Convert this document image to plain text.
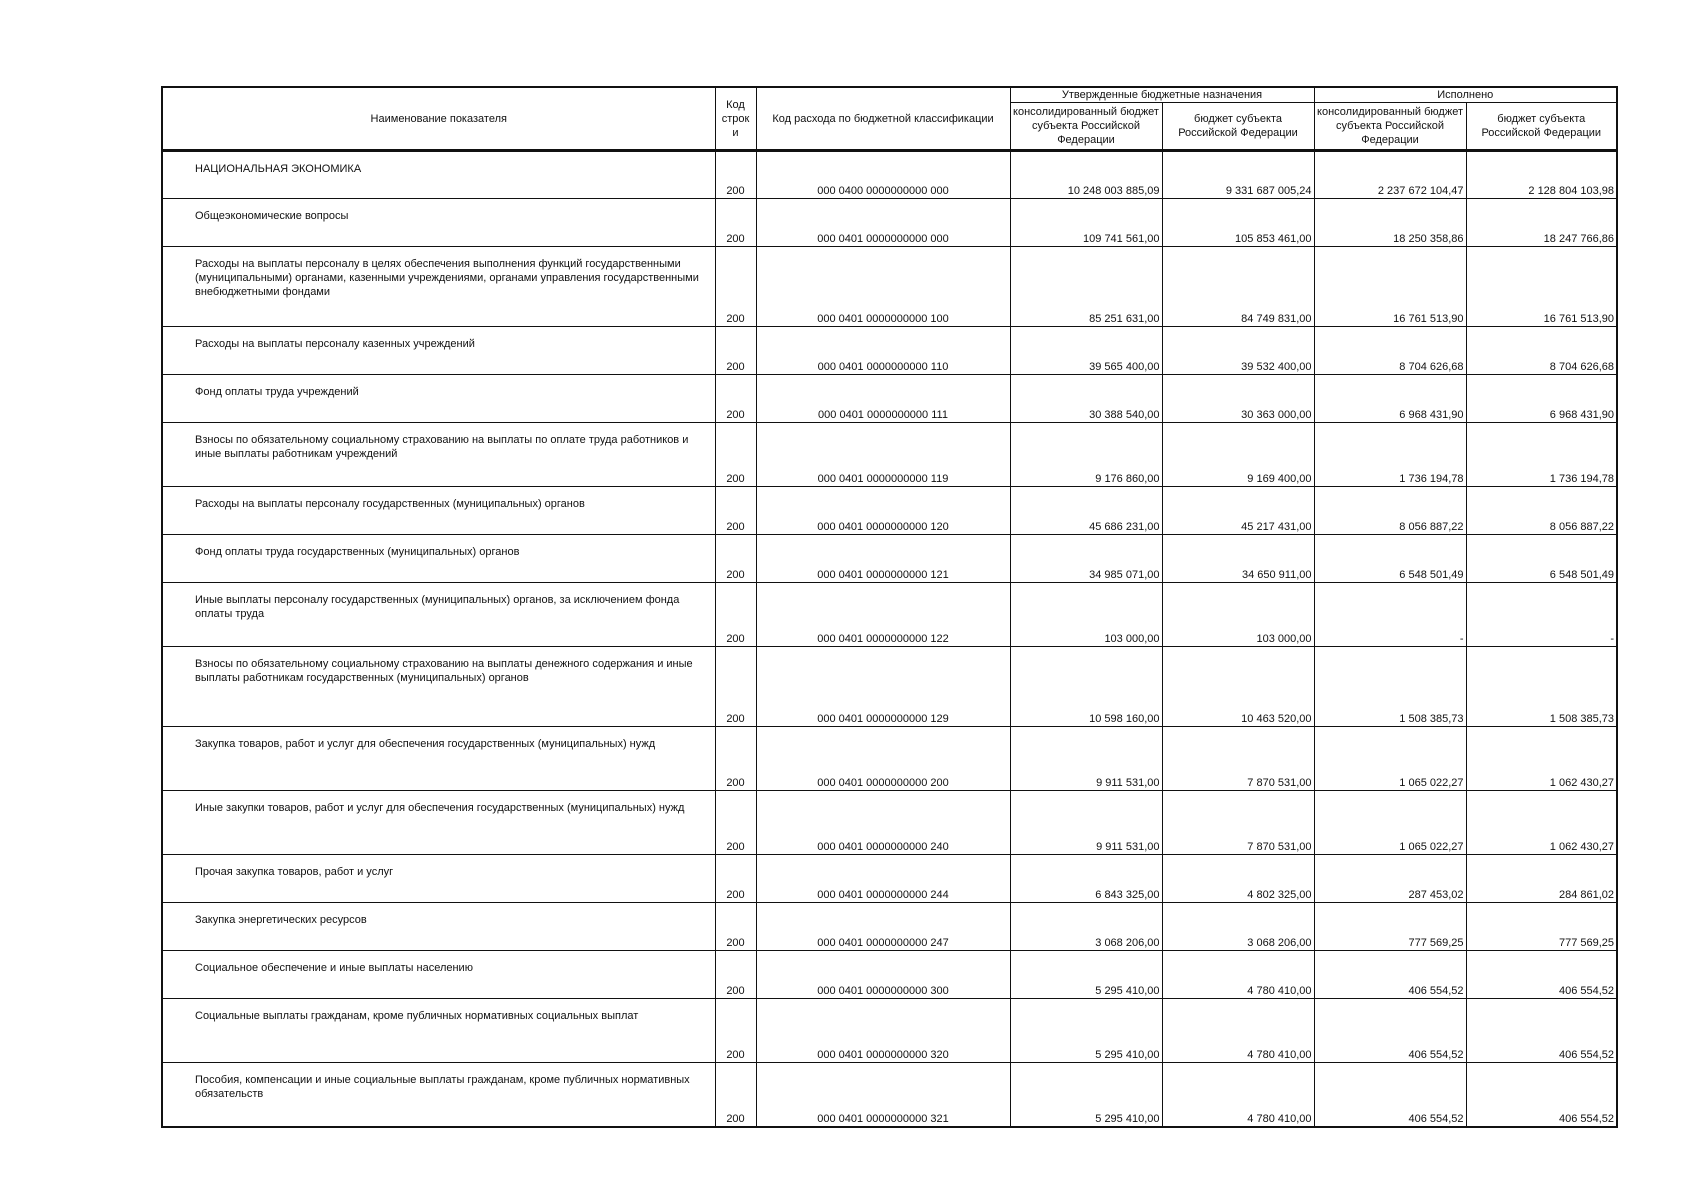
Наименование показателя	Код строк и	Код расхода по бюджетной классификации	Утвержденные бюджетные назначения		Исполнено	
			консолидированный бюджет субъекта Российской Федерации	бюджет субъекта Российской Федерации	консолидированный бюджет субъекта Российской Федерации	бюджет субъекта Российской Федерации
НАЦИОНАЛЬНАЯ ЭКОНОМИКА	200	000 0400 0000000000 000	10 248 003 885,09	9 331 687 005,24	2 237 672 104,47	2 128 804 103,98
Общеэкономические вопросы	200	000 0401 0000000000 000	109 741 561,00	105 853 461,00	18 250 358,86	18 247 766,86
Расходы на выплаты персоналу в целях обеспечения выполнения функций государственными (муниципальными) органами, казенными учреждениями, органами управления государственными внебюджетными фондами	200	000 0401 0000000000 100	85 251 631,00	84 749 831,00	16 761 513,90	16 761 513,90
Расходы на выплаты персоналу казенных учреждений	200	000 0401 0000000000 110	39 565 400,00	39 532 400,00	8 704 626,68	8 704 626,68
Фонд оплаты труда учреждений	200	000 0401 0000000000 111	30 388 540,00	30 363 000,00	6 968 431,90	6 968 431,90
Взносы по обязательному социальному страхованию на выплаты по оплате труда работников и иные выплаты работникам учреждений	200	000 0401 0000000000 119	9 176 860,00	9 169 400,00	1 736 194,78	1 736 194,78
Расходы на выплаты персоналу государственных (муниципальных) органов	200	000 0401 0000000000 120	45 686 231,00	45 217 431,00	8 056 887,22	8 056 887,22
Фонд оплаты труда государственных (муниципальных) органов	200	000 0401 0000000000 121	34 985 071,00	34 650 911,00	6 548 501,49	6 548 501,49
Иные выплаты персоналу государственных (муниципальных) органов, за исключением фонда оплаты труда	200	000 0401 0000000000 122	103 000,00	103 000,00	-	-
Взносы по обязательному социальному страхованию на выплаты денежного содержания и иные выплаты работникам государственных (муниципальных) органов	200	000 0401 0000000000 129	10 598 160,00	10 463 520,00	1 508 385,73	1 508 385,73
Закупка товаров, работ и услуг для обеспечения государственных (муниципальных) нужд	200	000 0401 0000000000 200	9 911 531,00	7 870 531,00	1 065 022,27	1 062 430,27
Иные закупки товаров, работ и услуг для обеспечения государственных (муниципальных) нужд	200	000 0401 0000000000 240	9 911 531,00	7 870 531,00	1 065 022,27	1 062 430,27
Прочая закупка товаров, работ и услуг	200	000 0401 0000000000 244	6 843 325,00	4 802 325,00	287 453,02	284 861,02
Закупка энергетических ресурсов	200	000 0401 0000000000 247	3 068 206,00	3 068 206,00	777 569,25	777 569,25
Социальное обеспечение и иные выплаты населению	200	000 0401 0000000000 300	5 295 410,00	4 780 410,00	406 554,52	406 554,52
Социальные выплаты гражданам, кроме публичных нормативных социальных выплат	200	000 0401 0000000000 320	5 295 410,00	4 780 410,00	406 554,52	406 554,52
Пособия, компенсации и иные социальные выплаты гражданам, кроме публичных нормативных обязательств	200	000 0401 0000000000 321	5 295 410,00	4 780 410,00	406 554,52	406 554,52
